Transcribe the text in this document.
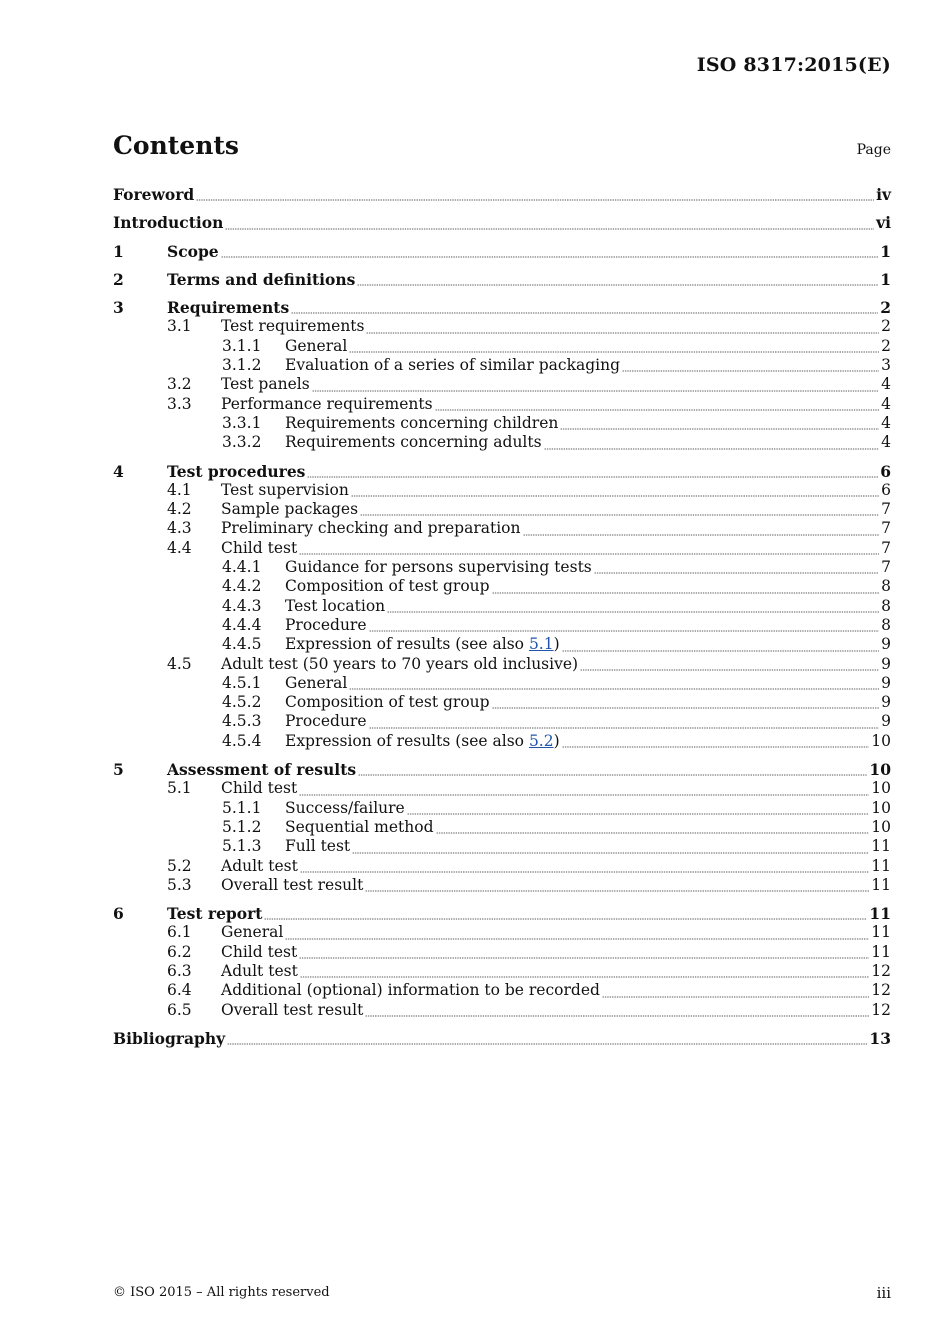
ISO 8317:2015(E)
Contents	Page
Foreword	iv
Introduction	vi
1	Scope	1
2	Terms and definitions	1
3	Requirements	2
3.1	Test requirements	2
3.1.1	General	2
3.1.2	Evaluation of a series of similar packaging	3
3.2	Test panels	4
3.3	Performance requirements	4
3.3.1	Requirements concerning children	4
3.3.2	Requirements concerning adults	4
4	Test procedures	6
4.1	Test supervision	6
4.2	Sample packages	7
4.3	Preliminary checking and preparation	7
4.4	Child test	7
4.4.1	Guidance for persons supervising tests	7
4.4.2	Composition of test group	8
4.4.3	Test location	8
4.4.4	Procedure	8
4.4.5	Expression of results (see also 5.1)	9
4.5	Adult test (50 years to 70 years old inclusive)	9
4.5.1	General	9
4.5.2	Composition of test group	9
4.5.3	Procedure	9
4.5.4	Expression of results (see also 5.2)	10
5	Assessment of results	10
5.1	Child test	10
5.1.1	Success/failure	10
5.1.2	Sequential method	10
5.1.3	Full test	11
5.2	Adult test	11
5.3	Overall test result	11
6	Test report	11
6.1	General	11
6.2	Child test	11
6.3	Adult test	12
6.4	Additional (optional) information to be recorded	12
6.5	Overall test result	12
Bibliography	13
© ISO 2015 – All rights reserved	iii
